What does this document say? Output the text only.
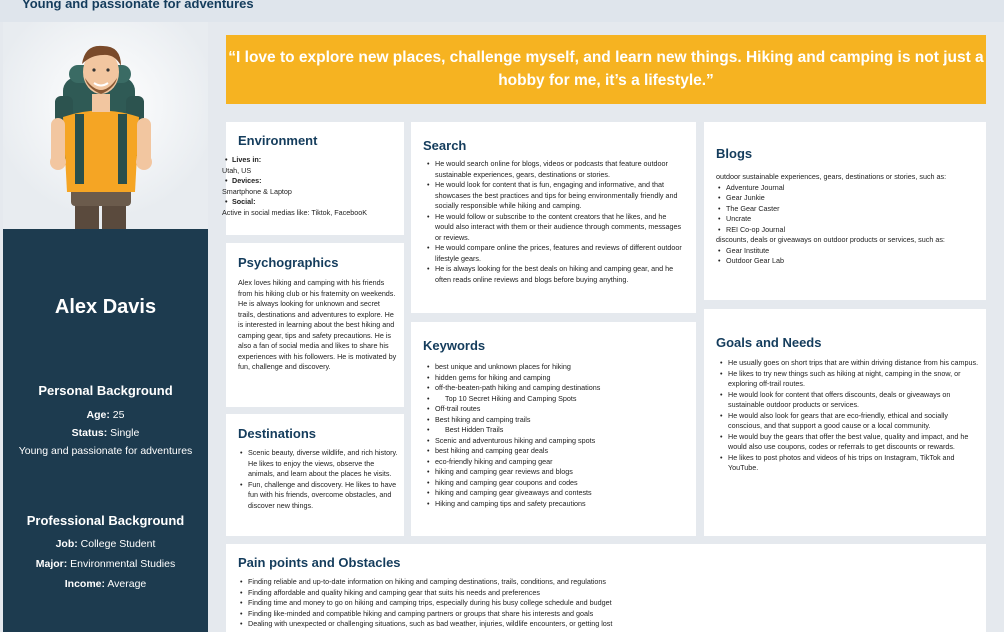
Young and passionate for adventures
Alex Davis
Personal Background
Age: 25
Status: Single
Young and passionate for adventures
Professional Background
Job: College Student
Major: Environmental Studies
Income: Average
“I love to explore new places, challenge myself, and learn new things. Hiking and camping is not just a hobby for me, it’s a lifestyle.”
Environment
• Lives in:
Utah, US
• Devices:
Smartphone & Laptop
• Social:
Active in social medias like: Tiktok, FacebooK
Psychographics
Alex loves hiking and camping with his friends from his hiking club or his fraternity on weekends. He is always looking for unknown and secret trails, destinations and adventures to explore. He is interested in learning about the best hiking and camping gear, tips and safety precautions. He is also a fan of social media and likes to share his experiences with his followers. He is motivated by fun, challenge and discovery.
Destinations
• Scenic beauty, diverse wildlife, and rich history. He likes to enjoy the views, observe the animals, and learn about the places he visits.
• Fun, challenge and discovery. He likes to have fun with his friends, overcome obstacles, and discover new things.
Search
• He would search online for blogs, videos or podcasts that feature outdoor sustainable experiences, gears, destinations or stories.
• He would look for content that is fun, engaging and informative, and that showcases the best practices and tips for being environmentally friendly and socially responsible while hiking and camping.
• He would follow or subscribe to the content creators that he likes, and he would also interact with them or their audience through comments, messages or reviews.
• He would compare online the prices, features and reviews of different outdoor lifestyle gears.
• He is always looking for the best deals on hiking and camping gear, and he often reads online reviews and blogs before buying anything.
Keywords
• best unique and unknown places for hiking
• hidden gems for hiking and camping
• off-the-beaten-path hiking and camping destinations
• Top 10 Secret Hiking and Camping Spots
• Off-trail routes
• Best hiking and camping trails
• Best Hidden Trails
• Scenic and adventurous hiking and camping spots
• best hiking and camping gear deals
• eco-friendly hiking and camping gear
• hiking and camping gear reviews and blogs
• hiking and camping gear coupons and codes
• hiking and camping gear giveaways and contests
• Hiking and camping tips and safety precautions
Blogs
outdoor sustainable experiences, gears, destinations or stories, such as:
• Adventure Journal
• Gear Junkie
• The Gear Caster
• Uncrate
• REI Co-op Journal
discounts, deals or giveaways on outdoor products or services, such as:
• Gear Institute
• Outdoor Gear Lab
Goals and Needs
• He usually goes on short trips that are within driving distance from his campus.
• He likes to try new things such as hiking at night, camping in the snow, or exploring off-trail routes.
• He would look for content that offers discounts, deals or giveaways on sustainable outdoor products or services.
• He would also look for gears that are eco-friendly, ethical and socially conscious, and that support a good cause or a local community.
• He would buy the gears that offer the best value, quality and impact, and he would also use coupons, codes or referrals to get discounts or rewards.
• He likes to post photos and videos of his trips on Instagram, TikTok and YouTube.
Pain points and Obstacles
• Finding reliable and up-to-date information on hiking and camping destinations, trails, conditions, and regulations
• Finding affordable and quality hiking and camping gear that suits his needs and preferences
• Finding time and money to go on hiking and camping trips, especially during his busy college schedule and budget
• Finding like-minded and compatible hiking and camping partners or groups that share his interests and goals
• Dealing with unexpected or challenging situations, such as bad weather, injuries, wildlife encounters, or getting lost
